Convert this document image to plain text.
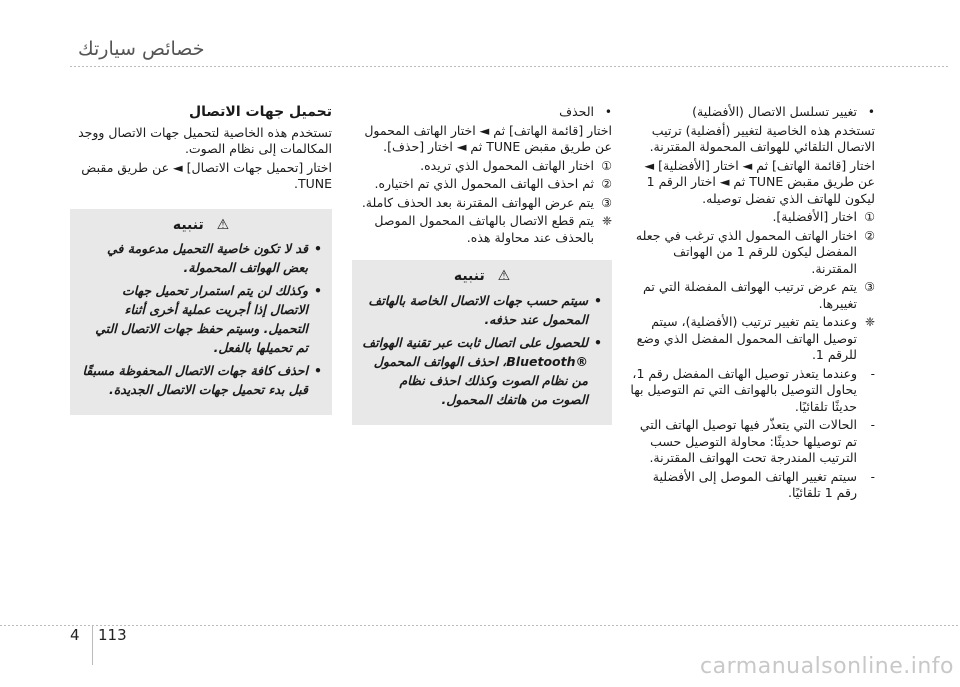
خصائص سيارتك
•
تغيير تسلسل الاتصال (الأفضلية)

تستخدم هذه الخاصية لتغيير (أفضلية) ترتيب الاتصال التلقائي للهواتف المحمولة المقترنة.

اختار [قائمة الهاتف] ثم ◄ اختار [الأفضلية] ◄ عن طريق مقبض TUNE ثم ◄ اختار الرقم 1 ليكون للهاتف الذي تفضل توصيله.

①
اختار [الأفضلية].
②
اختار الهاتف المحمول الذي ترغب في جعله المفضل ليكون للرقم 1 من الهواتف المقترنة.
③
يتم عرض ترتيب الهواتف المفضلة التي تم تغييرها.
❈
وعندما يتم تغيير ترتيب (الأفضلية)، سيتم توصيل الهاتف المحمول المفضل الذي وضع للرقم 1.
-
وعندما يتعذر توصيل الهاتف المفضل رقم 1، يحاول التوصيل بالهواتف التي تم التوصيل بها حديثًا تلقائيًا.
-
الحالات التي يتعذّر فيها توصيل الهاتف التي تم توصيلها حديثًا: محاولة التوصيل حسب الترتيب المندرجة تحت الهواتف المقترنة.
-
سيتم تغيير الهاتف الموصل إلى الأفضلية رقم 1 تلقائيًا.
•
الحذف

اختار [قائمة الهاتف] ثم ◄ اختار الهاتف المحمول عن طريق مقبض TUNE ثم ◄ اختار [حذف].

①
اختار الهاتف المحمول الذي تريده.
②
ثم احذف الهاتف المحمول الذي تم اختياره.
③
يتم عرض الهواتف المقترنة بعد الحذف كاملة.
❈
يتم قطع الاتصال بالهاتف المحمول الموصل بالحذف عند محاولة هذه.
⚠ تنبيه
•
سيتم حسب جهات الاتصال الخاصة بالهاتف المحمول عند حذفه.
•
للحصول على اتصال ثابت عبر تقنية الهواتف ®Bluetooth، احذف الهواتف المحمول من نظام الصوت وكذلك احذف نظام الصوت من هاتفك المحمول.
تحميل جهات الاتصال

تستخدم هذه الخاصية لتحميل جهات الاتصال ووجد المكالمات إلى نظام الصوت.

اختار [تحميل جهات الاتصال] ◄ عن طريق مقبض TUNE.

⚠ تنبيه
•
قد لا تكون خاصية التحميل مدعومة في بعض الهواتف المحمولة.
•
وكذلك لن يتم استمرار تحميل جهات الاتصال إذا أجريت عملية أخرى أثناء التحميل. وسيتم حفظ جهات الاتصال التي تم تحميلها بالفعل.
•
احذف كافة جهات الاتصال المحفوظة مسبقًا قبل بدء تحميل جهات الاتصال الجديدة.
4 113
carmanualsonline.info
